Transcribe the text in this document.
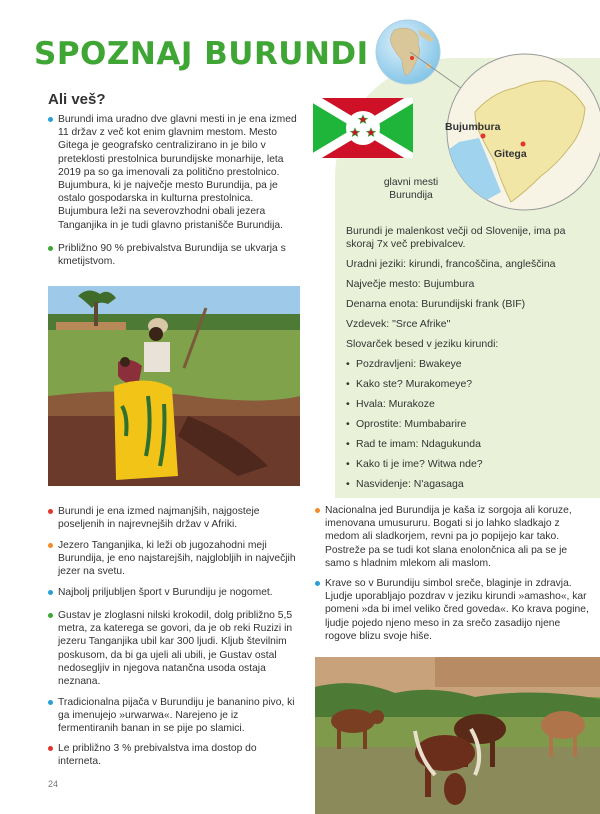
SPOZNAJ BURUNDI
Ali veš?
Burundi ima uradno dve glavni mesti in je ena izmed 11 držav z več kot enim glavnim mestom. Mesto Gitega je geografsko centralizirano in je bilo v preteklosti prestolnica burundijske monarhije, leta 2019 pa so ga imenovali za politično prestolnico. Bujumbura, ki je največje mesto Burundija, pa je ostalo gospodarska in kulturna prestolnica. Bujumbura leži na severovzhodni obali jezera Tanganjika in je tudi glavno pristanišče Burundija.
Približno 90 % prebivalstva Burundija se ukvarja s kmetijstvom.
Bujumbura
Gitega
glavni mesti Burundija
Burundi je malenkost večji od Slovenije, ima pa skoraj 7x več prebivalcev.
Uradni jeziki: kirundi, francoščina, angleščina
Največje mesto: Bujumbura
Denarna enota: Burundijski frank (BIF)
Vzdevek: "Srce Afrike"
Slovarček besed v jeziku kirundi:
• Pozdravljeni: Bwakeye
• Kako ste? Murakomeye?
• Hvala: Murakoze
• Oprostite: Mumbabarire
• Rad te imam: Ndagukunda
• Kako ti je ime? Witwa nde?
• Nasvidenje: N'agasaga
Burundi je ena izmed najmanjših, najgosteje poseljenih in najrevnejših držav v Afriki.
Jezero Tanganjika, ki leži ob jugozahodni meji Burundija, je eno najstarejših, najglobljih in največjih jezer na svetu.
Najbolj priljubljen šport v Burundiju je nogomet.
Gustav je zloglasni nilski krokodil, dolg približno 5,5 metra, za katerega se govori, da je ob reki Ruzizi in jezeru Tanganjika ubil kar 300 ljudi. Kljub številnim poskusom, da bi ga ujeli ali ubili, je Gustav ostal nedosegljiv in njegova natančna usoda ostaja neznana.
Tradicionalna pijača v Burundiju je bananino pivo, ki ga imenujejo »urwarwa«. Narejeno je iz fermentiranih banan in se pije po slamici.
Le približno 3 % prebivalstva ima dostop do interneta.
Nacionalna jed Burundija je kaša iz sorgoja ali koruze, imenovana umusururu. Bogati si jo lahko sladkajo z medom ali sladkorjem, revni pa jo popijejo kar tako. Postreže pa se tudi kot slana enolončnica ali pa se je samo s hladnim mlekom ali maslom.
Krave so v Burundiju simbol sreče, blaginje in zdravja. Ljudje uporabljajo pozdrav v jeziku kirundi »amasho«, kar pomeni »da bi imel veliko čred goveda«. Ko krava pogine, ljudje pojedo njeno meso in za srečo zasadijo njene rogove blizu svoje hiše.
24
